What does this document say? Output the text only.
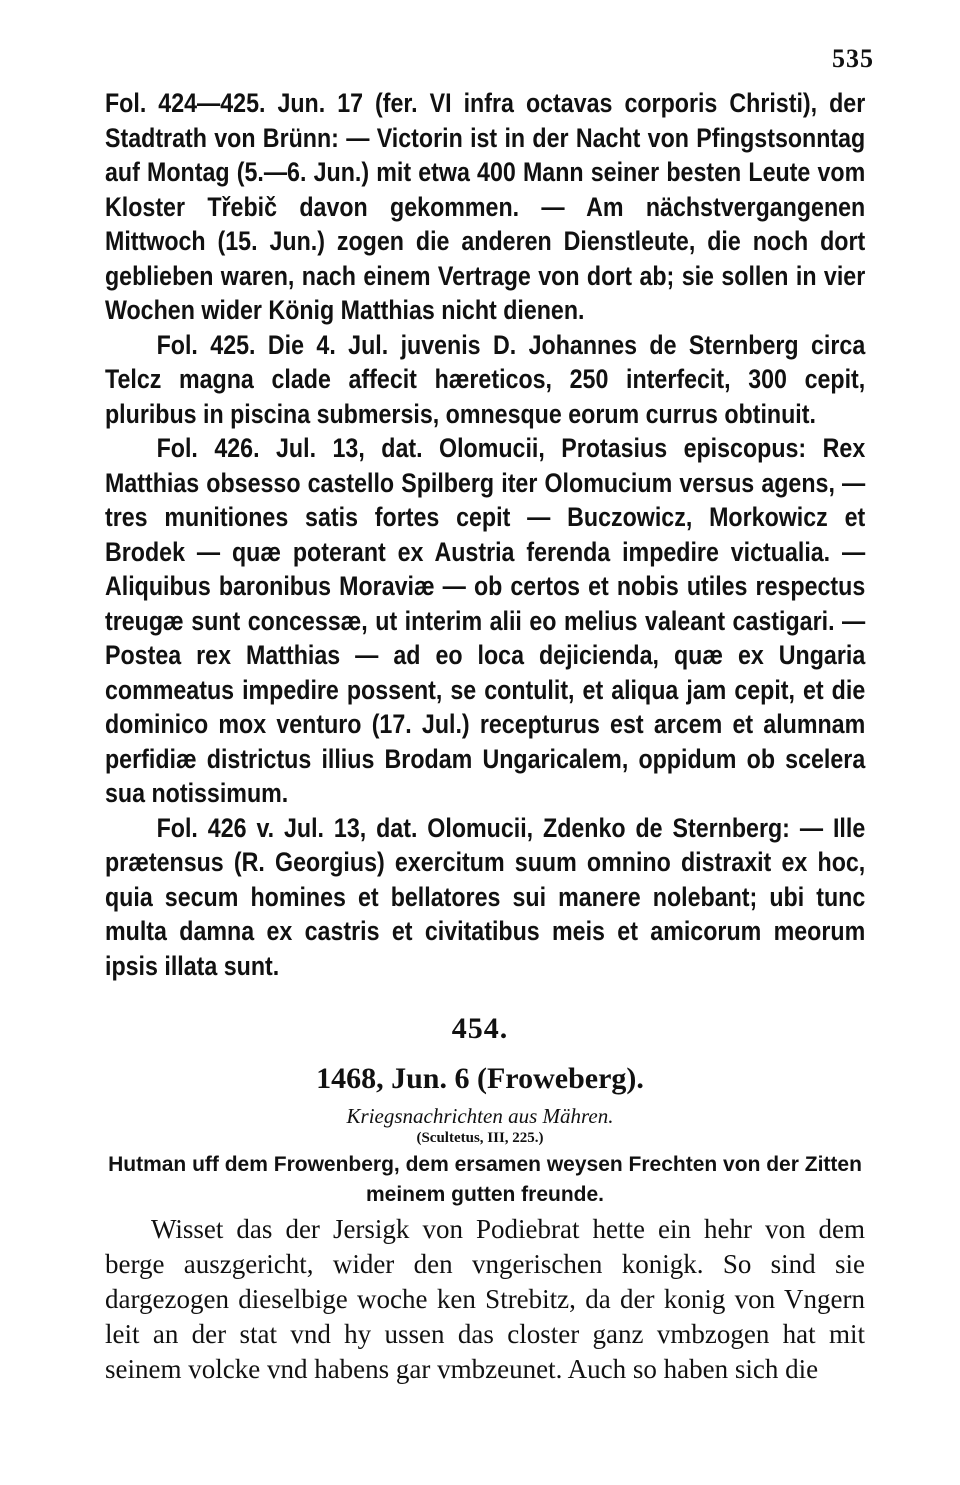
535

Fol. 424—425. Jun. 17 (fer. VI infra octavas corporis Christi), der Stadtrath von Brünn: — Victorin ist in der Nacht von Pfingstsonntag auf Montag (5.—6. Jun.) mit etwa 400 Mann seiner besten Leute vom Kloster Třebič davon gekommen. — Am nächstvergangenen Mittwoch (15. Jun.) zogen die anderen Dienstleute, die noch dort geblieben waren, nach einem Vertrage von dort ab; sie sollen in vier Wochen wider König Matthias nicht dienen.

Fol. 425. Die 4. Jul. juvenis D. Johannes de Sternberg circa Telcz magna clade affecit hæreticos, 250 interfecit, 300 cepit, pluribus in piscina submersis, omnesque eorum currus obtinuit.

Fol. 426. Jul. 13, dat. Olomucii, Protasius episcopus: Rex Matthias obsesso castello Spilberg iter Olomucium versus agens, — tres munitiones satis fortes cepit — Buczowicz, Morkowicz et Brodek — quæ poterant ex Austria ferenda impedire victualia. — Aliquibus baronibus Moraviæ — ob certos et nobis utiles respectus treugæ sunt concessæ, ut interim alii eo melius valeant castigari. — Postea rex Matthias — ad eo loca dejicienda, quæ ex Ungaria commeatus impedire possent, se contulit, et aliqua jam cepit, et die dominico mox venturo (17. Jul.) recepturus est arcem et alumnam perfidiæ districtus illius Brodam Ungaricalem, oppidum ob scelera sua notissimum.

Fol. 426 v. Jul. 13, dat. Olomucii, Zdenko de Sternberg: — Ille prætensus (R. Georgius) exercitum suum omnino distraxit ex hoc, quia secum homines et bellatores sui manere nolebant; ubi tunc multa damna ex castris et civitatibus meis et amicorum meorum ipsis illata sunt.

454.
1468, Jun. 6 (Froweberg).
Kriegsnachrichten aus Mähren.
(Scultetus, III, 225.)
Hutman uff dem Frowenberg, dem ersamen weysen Frechten von der Zitten meinem gutten freunde.

Wisset das der Jersigk von Podiebrat hette ein hehr von dem berge auszgericht, wider den vngerischen konigk. So sind sie dargezogen dieselbige woche ken Strebitz, da der konig von Vngern leit an der stat vnd hy ussen das closter ganz vmbzogen hat mit seinem volcke vnd habens gar vmbzeunet. Auch so haben sich die
